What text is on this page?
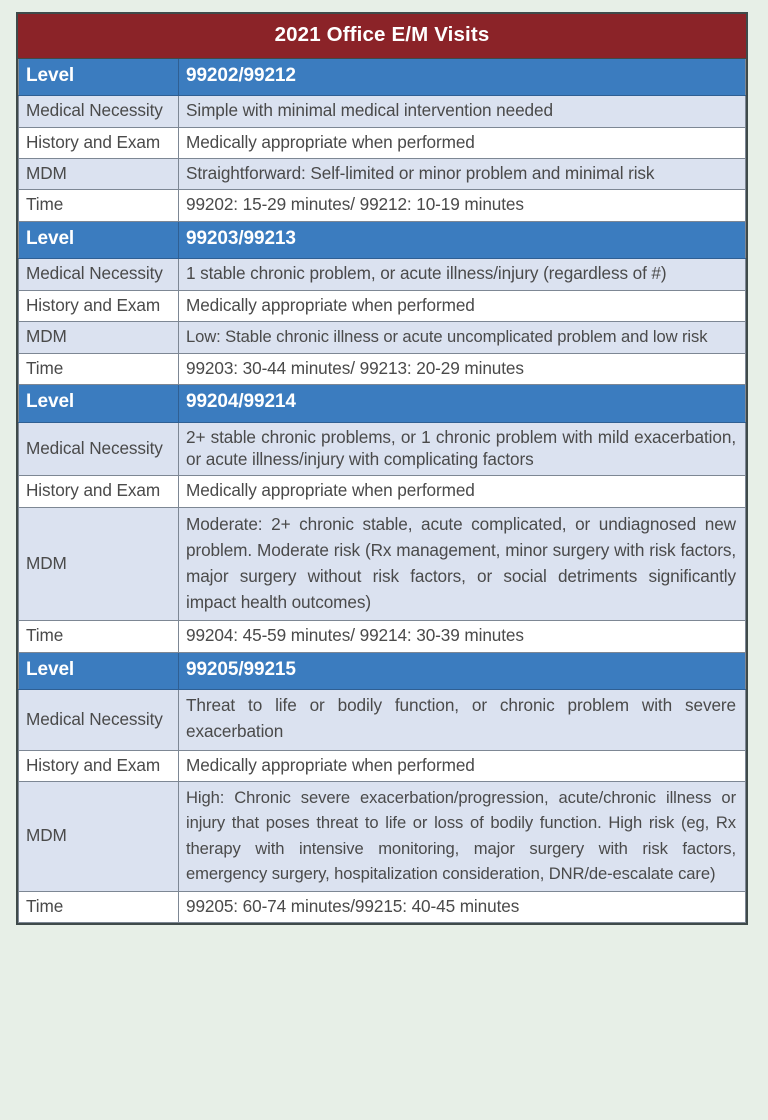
2021 Office E/M Visits	
Level	99202/99212
Medical Necessity	Simple with minimal medical intervention needed
History and Exam	Medically appropriate when performed
MDM	Straightforward: Self-limited or minor problem and minimal risk
Time	99202: 15-29 minutes/ 99212: 10-19 minutes
Level	99203/99213
Medical Necessity	1 stable chronic problem, or acute illness/injury (regardless of #)
History and Exam	Medically appropriate when performed
MDM	Low: Stable chronic illness or acute uncomplicated problem and low risk
Time	99203: 30-44 minutes/ 99213: 20-29 minutes
Level	99204/99214
Medical Necessity	2+ stable chronic problems, or 1 chronic problem with mild exacerbation, or acute illness/injury with complicating factors
History and Exam	Medically appropriate when performed
MDM	Moderate: 2+ chronic stable, acute complicated, or undiagnosed new problem. Moderate risk (Rx management, minor surgery with risk factors, major surgery without risk factors, or social detriments significantly impact health outcomes)
Time	99204: 45-59 minutes/ 99214: 30-39 minutes
Level	99205/99215
Medical Necessity	Threat to life or bodily function, or chronic problem with severe exacerbation
History and Exam	Medically appropriate when performed
MDM	High: Chronic severe exacerbation/progression, acute/chronic illness or injury that poses threat to life or loss of bodily function. High risk (eg, Rx therapy with intensive monitoring, major surgery with risk factors, emergency surgery, hospitalization consideration, DNR/de-escalate care)
Time	99205: 60-74 minutes/99215: 40-45 minutes
